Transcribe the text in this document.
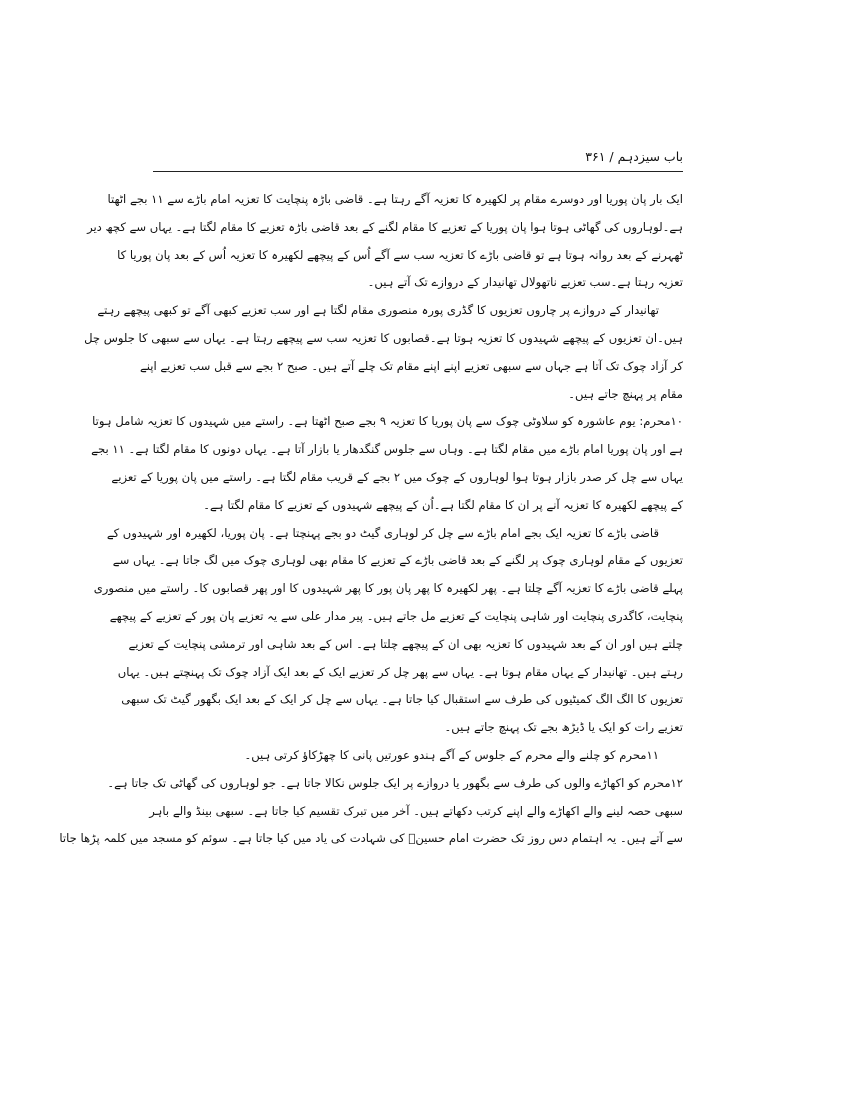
باب سیزدہم / ۳۶۱
ایک بار پان پوریا اور دوسرے مقام پر لکھیرہ کا تعزیہ آگے رہتا ہے۔ قاضی باڑہ پنچایت کا تعزیہ امام باڑے سے ۱۱ بجے اٹھتا
ہے۔لوہاروں کی گھاٹی ہوتا ہوا پان پوریا کے تعزیے کا مقام لگنے کے بعد قاضی باڑہ تعزیے کا مقام لگتا ہے۔ یہاں سے کچھ دیر
ٹھہرنے کے بعد روانہ ہوتا ہے تو قاضی باڑے کا تعزیہ سب سے آگے اُس کے پیچھے لکھیرہ کا تعزیہ اُس کے بعد پان پوریا کا
تعزیہ رہتا ہے۔سب تعزیے ناتھولال تھانیدار کے دروازے تک آتے ہیں۔
تھانیدار کے دروازے پر چاروں تعزیوں کا گڈری پورہ منصوری مقام لگتا ہے اور سب تعزیے کبھی آگے تو کبھی پیچھے رہتے
ہیں۔ان تعزیوں کے پیچھے شہیدوں کا تعزیہ ہوتا ہے۔قصابوں کا تعزیہ سب سے پیچھے رہتا ہے۔ یہاں سے سبھی کا جلوس چل
کر آزاد چوک تک آتا ہے جہاں سے سبھی تعزیے اپنے اپنے مقام تک چلے آتے ہیں۔ صبح ۲ بجے سے قبل سب تعزیے اپنے
مقام پر پہنچ جاتے ہیں۔
۱۰محرم: یوم عاشورہ کو سلاوٹی چوک سے پان پوریا کا تعزیہ ۹ بجے صبح اٹھتا ہے۔ راستے میں شہیدوں کا تعزیہ شامل ہوتا
ہے اور پان پوریا امام باڑے میں مقام لگتا ہے۔ وہاں سے جلوس گنگدھار یا بازار آتا ہے۔ یہاں دونوں کا مقام لگتا ہے۔ ۱۱ بجے
یہاں سے چل کر صدر بازار ہوتا ہوا لوہاروں کے چوک میں ۲ بجے کے قریب مقام لگتا ہے۔ راستے میں پان پوریا کے تعزیے
کے پیچھے لکھیرہ کا تعزیہ آنے پر ان کا مقام لگتا ہے۔اُن کے پیچھے شہیدوں کے تعزیے کا مقام لگتا ہے۔
قاضی باڑے کا تعزیہ ایک بجے امام باڑے سے چل کر لوہاری گیٹ دو بجے پہنچتا ہے۔ پان پوریا، لکھیرہ اور شہیدوں کے
تعزیوں کے مقام لوہاری چوک پر لگنے کے بعد قاضی باڑے کے تعزیے کا مقام بھی لوہاری چوک میں لگ جاتا ہے۔ یہاں سے
پہلے قاضی باڑے کا تعزیہ آگے چلتا ہے۔ پھر لکھیرہ کا پھر پان پور کا پھر شہیدوں کا اور پھر قصابوں کا۔ راستے میں منصوری
پنچایت، کاگدری پنچایت اور شاہی پنچایت کے تعزیے مل جاتے ہیں۔ پیر مدار علی سے یہ تعزیے پان پور کے تعزیے کے پیچھے
چلتے ہیں اور ان کے بعد شہیدوں کا تعزیہ بھی ان کے پیچھے چلتا ہے۔ اس کے بعد شاہی اور ترمشی پنچایت کے تعزیے
رہتے ہیں۔ تھانیدار کے یہاں مقام ہوتا ہے۔ یہاں سے پھر چل کر تعزیے ایک کے بعد ایک آزاد چوک تک پہنچتے ہیں۔ یہاں
تعزیوں کا الگ الگ کمیٹیوں کی طرف سے استقبال کیا جاتا ہے۔ یہاں سے چل کر ایک کے بعد ایک بگھور گیٹ تک سبھی
تعزیے رات کو ایک یا ڈیڑھ بجے تک پہنچ جاتے ہیں۔
۱۱محرم کو چلنے والے محرم کے جلوس کے آگے ہندو عورتیں پانی کا چھڑکاؤ کرتی ہیں۔
۱۲محرم کو اکھاڑے والوں کی طرف سے بگھور یا دروازے پر ایک جلوس نکالا جاتا ہے۔ جو لوہاروں کی گھاٹی تک جاتا ہے۔
سبھی حصہ لینے والے اکھاڑے والے اپنے کرتب دکھاتے ہیں۔ آخر میں تبرک تقسیم کیا جاتا ہے۔ سبھی بینڈ والے باہر
سے آتے ہیں۔ یہ اہتمام دس روز تک حضرت امام حسینؓ کی شہادت کی یاد میں کیا جاتا ہے۔ سوئم کو مسجد میں کلمہ پڑھا جاتا
